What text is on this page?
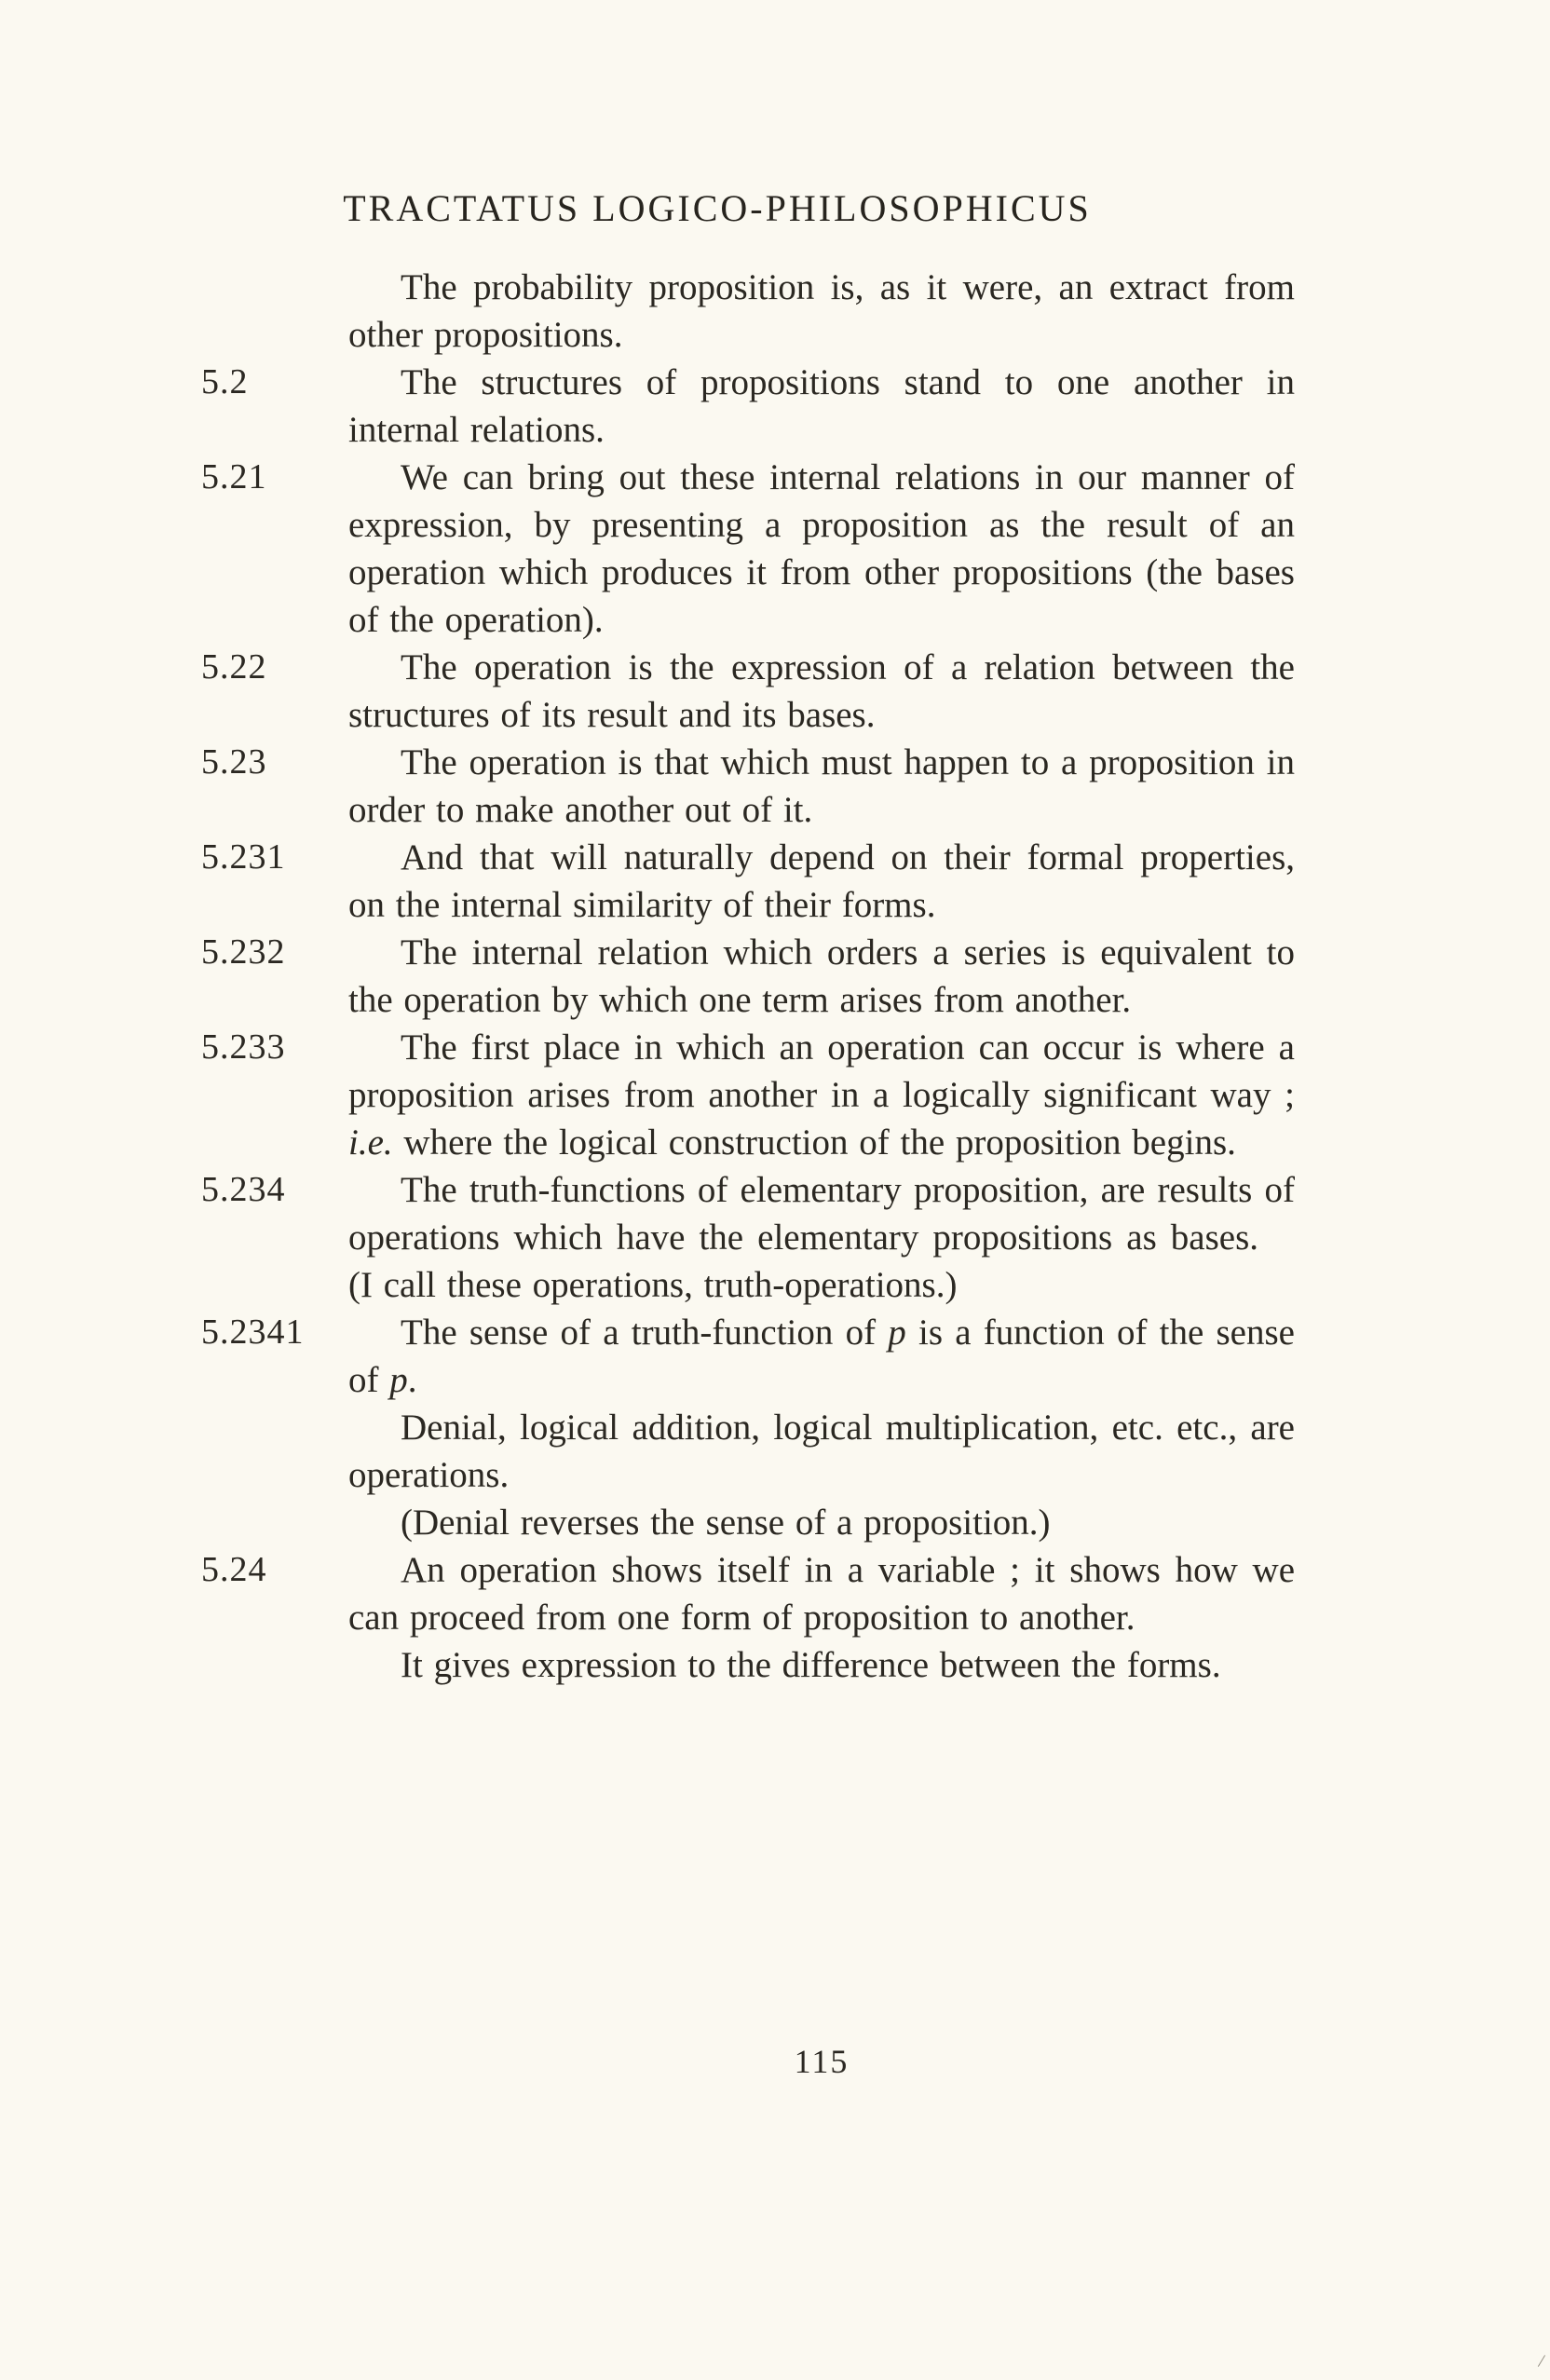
TRACTATUS LOGICO-PHILOSOPHICUS
The probability proposition is, as it were, an extract from other propositions.
5.2	The structures of propositions stand to one another in internal relations.
5.21	We can bring out these internal relations in our manner of expression, by presenting a proposition as the result of an operation which produces it from other propositions (the bases of the operation).
5.22	The operation is the expression of a relation between the structures of its result and its bases.
5.23	The operation is that which must happen to a proposition in order to make another out of it.
5.231	And that will naturally depend on their formal properties, on the internal similarity of their forms.
5.232	The internal relation which orders a series is equivalent to the operation by which one term arises from another.
5.233	The first place in which an operation can occur is where a proposition arises from another in a logically significant way ; i.e. where the logical construction of the proposition begins.
5.234	The truth-functions of elementary proposition, are results of operations which have the elementary propositions as bases. (I call these operations, truth-operations.)
5.2341	The sense of a truth-function of p is a function of the sense of p.
Denial, logical addition, logical multiplication, etc. etc., are operations.
(Denial reverses the sense of a proposition.)
5.24	An operation shows itself in a variable ; it shows how we can proceed from one form of proposition to another.
It gives expression to the difference between the forms.
115
/
